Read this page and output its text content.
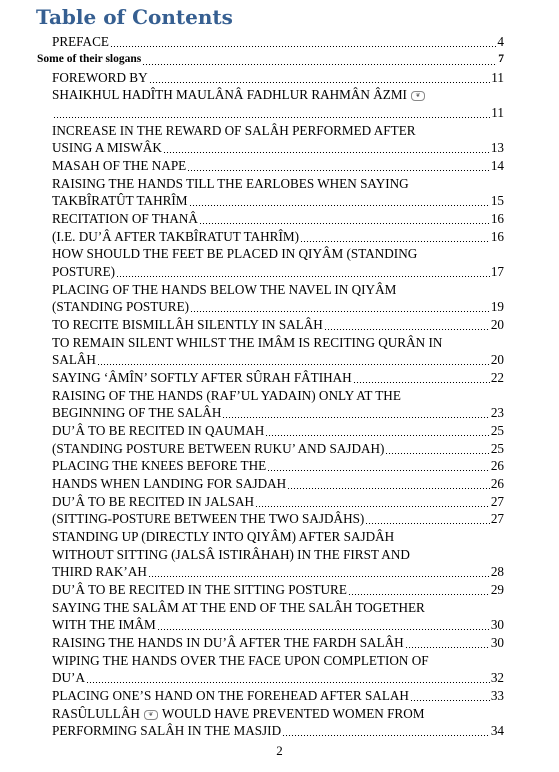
Table of Contents
PREFACE	4
Some of their slogans	7
FOREWORD BY	11
SHAIKHUL HADÎTH MAULÂNÂ FADHLUR RAHMÂN ÂZMI ❦
11
INCREASE IN THE REWARD OF SALÂH PERFORMED AFTER
USING A MISWÂK	13
MASAH OF THE NAPE	14
RAISING THE HANDS TILL THE EARLOBES WHEN SAYING
TAKBÎRATÛT TAHRÎM	15
RECITATION OF THANÂ	16
(I.E. DU’Â AFTER TAKBÎRATUT TAHRÎM)	16
HOW SHOULD THE FEET BE PLACED IN QIYÂM (STANDING
POSTURE)	17
PLACING OF THE HANDS BELOW THE NAVEL IN QIYÂM
(STANDING POSTURE)	19
TO RECITE BISMILLÂH SILENTLY IN SALÂH	20
TO REMAIN SILENT WHILST THE IMÂM IS RECITING QURÂN IN
SALÂH	20
SAYING ‘ÂMÎN’ SOFTLY AFTER SÛRAH FÂTIHAH	22
RAISING OF THE HANDS (RAF’UL YADAIN) ONLY AT THE
BEGINNING OF THE SALÂH	23
DU’Â TO BE RECITED IN QAUMAH	25
(STANDING POSTURE BETWEEN RUKU’ AND SAJDAH)	25
PLACING THE KNEES BEFORE THE	26
HANDS WHEN LANDING FOR SAJDAH	26
DU’Â TO BE RECITED IN JALSAH	27
(SITTING-POSTURE BETWEEN THE TWO SAJDÂHS)	27
STANDING UP (DIRECTLY INTO QIYÂM) AFTER SAJDÂH
WITHOUT SITTING (JALSÂ ISTIRÂHAH) IN THE FIRST AND
THIRD RAK’AH	28
DU’Â TO BE RECITED IN THE SITTING POSTURE	29
SAYING THE SALÂM AT THE END OF THE SALÂH TOGETHER
WITH THE IMÂM	30
RAISING THE HANDS IN DU’Â AFTER THE FARDH SALÂH	30
WIPING THE HANDS OVER THE FACE UPON COMPLETION OF
DU’A	32
PLACING ONE’S HAND ON THE FOREHEAD AFTER SALAH	33
RASÛLULLÂH ❦ WOULD HAVE PREVENTED WOMEN FROM
PERFORMING SALÂH IN THE MASJID	34
2
